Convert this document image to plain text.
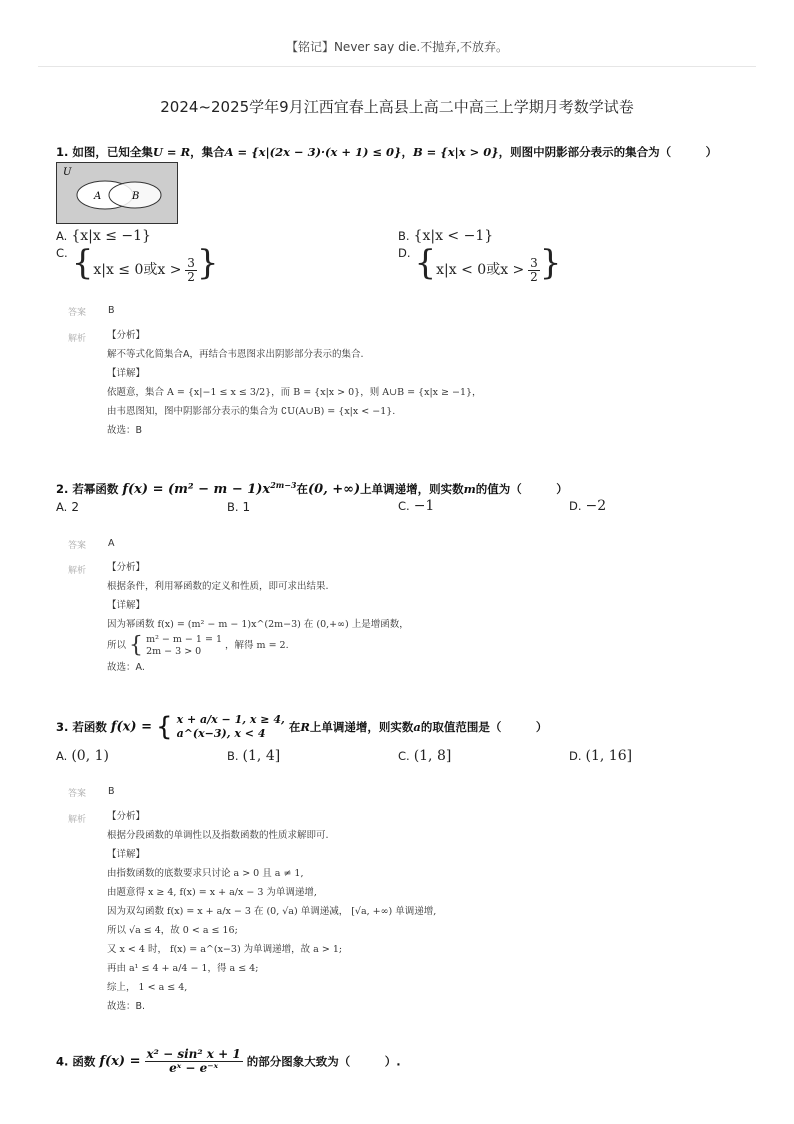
【铭记】Never say die.不抛弃,不放弃。
2024~2025学年9月江西宜春上高县上高二中高三上学期月考数学试卷
1. 如图，已知全集U = R，集合A = {x|(2x − 3)·(x + 1) ≤ 0}，B = {x|x > 0}，则图中阴影部分表示的集合为（　　　）
U
A	B
A. {x|x ≤ −1}	B. {x|x < −1}
C. {x|x ≤ 0或$x > \frac{3}{2}$ }	D. {x|x < 0或$x > \frac{3}{2}$ }
答案 B
解析 【分析】
解不等式化简集合A，再结合韦恩图求出阴影部分表示的集合.
【详解】
依题意，集合 A = {x|−1 ≤ x ≤ 3/2}，而 B = {x|x > 0}，则 A∪B = {x|x ≥ −1}，
由韦恩图知，图中阴影部分表示的集合为 ∁U(A∪B) = {x|x < −1}.
故选：B
2. 若幂函数 $f(x) = (m^2 - m - 1)x^{2m-3}$在(0, +∞)上单调递增，则实数m的值为（　　　）
A. 2	B. 1	C. −1	D. −2
答案 A
解析 【分析】
根据条件，利用幂函数的定义和性质，即可求出结果.
【详解】
因为幂函数 f(x) = (m² − m − 1)x^(2m−3) 在 (0,+∞) 上是增函数，
所以 { m² − m − 1 = 1
2m − 3 > 0
，解得 m = 2.
故选：A.
3. 若函数 f(x) = { x + a/x − 1, x ≥ 4,
a^(x−3), x < 4	在R上单调递增，则实数a的取值范围是（　　　）
A. (0, 1)	B. (1, 4]	C. (1, 8]	D. (1, 16]
答案 B
解析 【分析】
根据分段函数的单调性以及指数函数的性质求解即可.
【详解】
由指数函数的底数要求只讨论 a > 0 且 a ≠ 1,
由题意得 x ≥ 4, f(x) = x + a/x − 3 为单调递增,
因为双勾函数 f(x) = x + a/x − 3 在 (0, √a) 单调递减， [√a, +∞) 单调递增,
所以 √a ≤ 4，故 0 < a ≤ 16;
又 x < 4 时， f(x) = a^(x−3) 为单调递增，故 a > 1;
再由 a¹ ≤ 4 + a/4 − 1，得 a ≤ 4;
综上， 1 < a ≤ 4,
故选：B.
4. 函数 $f(x) = \frac{\text{x² − sin² x + 1}}{\text{eˣ − e⁻ˣ}}$ 的部分图象大致为（　　　）.
